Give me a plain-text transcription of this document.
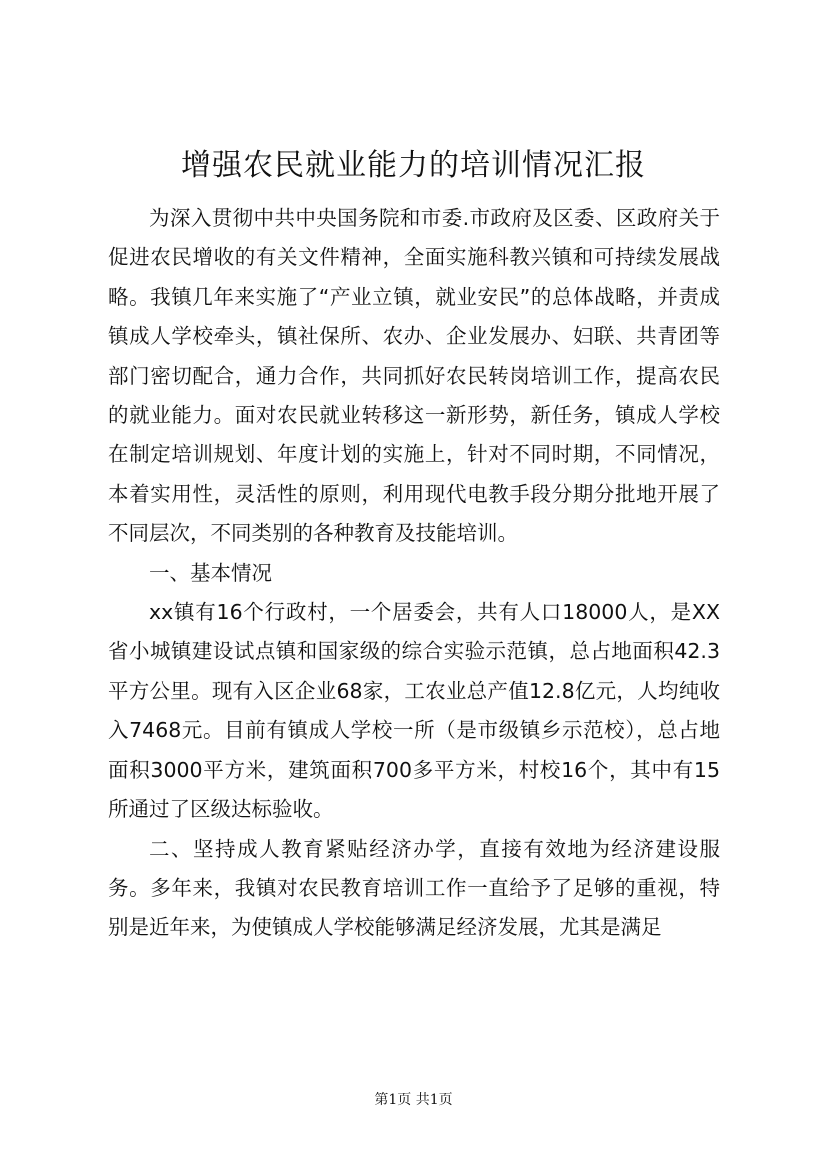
增强农民就业能力的培训情况汇报

为深入贯彻中共中央国务院和市委.市政府及区委、区政府关于促进农民增收的有关文件精神，全面实施科教兴镇和可持续发展战略。我镇几年来实施了“产业立镇，就业安民”的总体战略，并责成镇成人学校牵头，镇社保所、农办、企业发展办、妇联、共青团等部门密切配合，通力合作，共同抓好农民转岗培训工作，提高农民的就业能力。面对农民就业转移这一新形势，新任务，镇成人学校在制定培训规划、年度计划的实施上，针对不同时期，不同情况，本着实用性，灵活性的原则，利用现代电教手段分期分批地开展了不同层次，不同类别的各种教育及技能培训。

一、基本情况

xx镇有16个行政村，一个居委会，共有人口18000人，是XX省小城镇建设试点镇和国家级的综合实验示范镇，总占地面积42.3平方公里。现有入区企业68家，工农业总产值12.8亿元，人均纯收入7468元。目前有镇成人学校一所（是市级镇乡示范校），总占地面积3000平方米，建筑面积700多平方米，村校16个，其中有15所通过了区级达标验收。

二、坚持成人教育紧贴经济办学，直接有效地为经济建设服务。多年来，我镇对农民教育培训工作一直给予了足够的重视，特别是近年来，为使镇成人学校能够满足经济发展，尤其是满足

第1页 共1页
